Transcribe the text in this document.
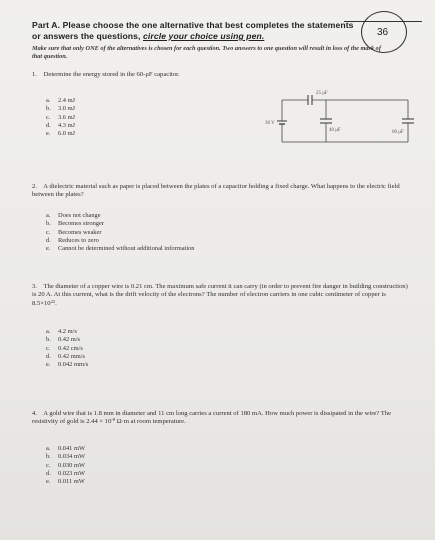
Part A. Please choose the one alternative that best completes the statements or answers the questions, circle your choice using pen.	36
Make sure that only ONE of the alternatives is chosen for each question. Two answers to one question will result in loss of the mark of that question.
1. Determine the energy stored in the 60-μF capacitor.
a. 2.4 mJ
b. 3.0 mJ
c. 3.6 mJ
d. 4.3 mJ
e. 6.0 mJ
25 μF
30 V
40 μF	60 μF
2. A dielectric material such as paper is placed between the plates of a capacitor holding a fixed charge. What happens to the electric field between the plates?
a. Does not change
b. Becomes stronger
c. Becomes weaker
d. Reduces to zero
e. Cannot be determined without additional information
3. The diameter of a copper wire is 0.21 cm. The maximum safe current it can carry (in order to prevent fire danger in building construction) is 20 A. At this current, what is the drift velocity of the electrons? The number of electron carriers in one cubic centimeter of copper is $8.5\times 10^{22}$.
a. 4.2 m/s
b. 0.42 m/s
c. 0.42 cm/s
d. 0.42 mm/s
e. 0.042 mm/s
4. A gold wire that is 1.8 mm in diameter and 11 cm long carries a current of 180 mA. How much power is dissipated in the wire? The resistivity of gold is $2.44 \times 10^{-8}$ Ω·m at room temperature.
a. 0.041 mW
b. 0.034 mW
c. 0.030 mW
d. 0.023 mW
e. 0.011 mW
